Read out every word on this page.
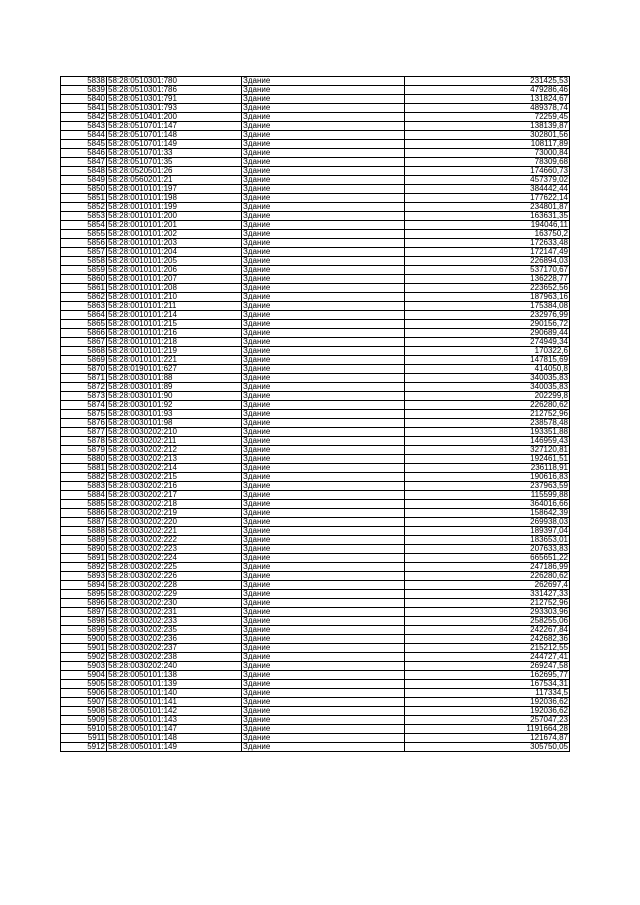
5838	58:28:0510301:780	Здание	231425,53
5839	58:28:0510301:786	Здание	479286,46
5840	58:28:0510301:791	Здание	131824,67
5841	58:28:0510301:793	Здание	489378,74
5842	58:28:0510401:200	Здание	72259,45
5843	58:28:0510701:147	Здание	138139,87
5844	58:28:0510701:148	Здание	302801,56
5845	58:28:0510701:149	Здание	108117,89
5846	58:28:0510701:33	Здание	73000,84
5847	58:28:0510701:35	Здание	78309,68
5848	58:28:0520501:26	Здание	174660,73
5849	58:28:0560201:21	Здание	457379,02
5850	58:28:0010101:197	Здание	384442,44
5851	58:28:0010101:198	Здание	177622,14
5852	58:28:0010101:199	Здание	234801,87
5853	58:28:0010101:200	Здание	163631,35
5854	58:28:0010101:201	Здание	194046,11
5855	58:28:0010101:202	Здание	163750,2
5856	58:28:0010101:203	Здание	172633,48
5857	58:28:0010101:204	Здание	172147,49
5858	58:28:0010101:205	Здание	226894,03
5859	58:28:0010101:206	Здание	537170,67
5860	58:28:0010101:207	Здание	136228,77
5861	58:28:0010101:208	Здание	223652,56
5862	58:28:0010101:210	Здание	187963,16
5863	58:28:0010101:211	Здание	175384,08
5864	58:28:0010101:214	Здание	232976,99
5865	58:28:0010101:215	Здание	290156,72
5866	58:28:0010101:216	Здание	290689,44
5867	58:28:0010101:218	Здание	274949,34
5868	58:28:0010101:219	Здание	170322,6
5869	58:28:0010101:221	Здание	147815,69
5870	58:28:0190101:627	Здание	414050,8
5871	58:28:0030101:88	Здание	340035,83
5872	58:28:0030101:89	Здание	340035,83
5873	58:28:0030101:90	Здание	202299,8
5874	58:28:0030101:92	Здание	226280,62
5875	58:28:0030101:93	Здание	212752,96
5876	58:28:0030101:98	Здание	238578,48
5877	58:28:0030202:210	Здание	193351,88
5878	58:28:0030202:211	Здание	146959,43
5879	58:28:0030202:212	Здание	327120,81
5880	58:28:0030202:213	Здание	192461,51
5881	58:28:0030202:214	Здание	236118,91
5882	58:28:0030202:215	Здание	190616,83
5883	58:28:0030202:216	Здание	237963,59
5884	58:28:0030202:217	Здание	115599,88
5885	58:28:0030202:218	Здание	364016,66
5886	58:28:0030202:219	Здание	158642,39
5887	58:28:0030202:220	Здание	269938,03
5888	58:28:0030202:221	Здание	189397,04
5889	58:28:0030202:222	Здание	183653,01
5890	58:28:0030202:223	Здание	207633,83
5891	58:28:0030202:224	Здание	665651,22
5892	58:28:0030202:225	Здание	247186,99
5893	58:28:0030202:226	Здание	226280,62
5894	58:28:0030202:228	Здание	262697,4
5895	58:28:0030202:229	Здание	331427,33
5896	58:28:0030202:230	Здание	212752,96
5897	58:28:0030202:231	Здание	293303,96
5898	58:28:0030202:233	Здание	258255,06
5899	58:28:0030202:235	Здание	242267,84
5900	58:28:0030202:236	Здание	242682,36
5901	58:28:0030202:237	Здание	215212,55
5902	58:28:0030202:238	Здание	244727,41
5903	58:28:0030202:240	Здание	269247,58
5904	58:28:0050101:138	Здание	162695,77
5905	58:28:0050101:139	Здание	167534,31
5906	58:28:0050101:140	Здание	117334,5
5907	58:28:0050101:141	Здание	192036,62
5908	58:28:0050101:142	Здание	192036,62
5909	58:28:0050101:143	Здание	257047,23
5910	58:28:0050101:147	Здание	1191664,28
5911	58:28:0050101:148	Здание	121674,87
5912	58:28:0050101:149	Здание	305750,05
